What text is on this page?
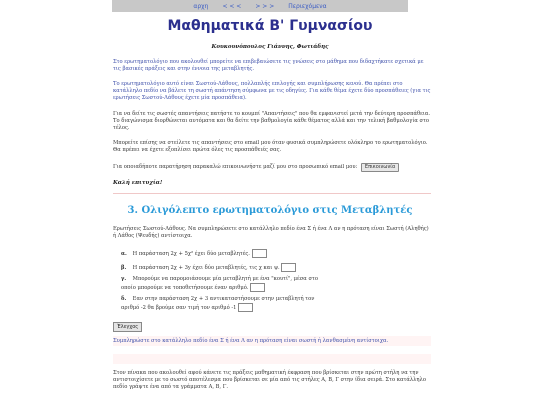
αρχη < < < > > > Περιεχόμενα
Μαθηματικά Β' Γυμνασίου
Κουκουνόπουλος Γιάννης, Φωτιάδης
Στο ερωτηματολόγιο που ακολουθεί μπορείτε να επιβεβαιώσετε τις γνώσεις στο μάθημα που διδαχτήκατε σχετικά με τις βασικές πράξεις και στην έννοια της μεταβλητής.
Το ερωτηματολόγιο αυτό είναι Σωστού-Λάθους, πολλαπλής επιλογής και συμπλήρωσης κενού. Θα πρέπει στο κατάλληλο πεδίο να βάλετε τη σωστή απάντηση σύμφωνα με τις οδηγίες. Για κάθε θέμα έχετε δύο προσπάθειες (για τις ερωτήσεις Σωστού-Λάθους έχετε μία προσπάθεια).
Για να δείτε τις σωστές απαντήσεις πατήστε το κουμπί "Απαντήσεις" που θα εμφανιστεί μετά την δεύτερη προσπάθεια. Το διαγώνισμα διορθώνεται αυτόματα και θα δείτε την βαθμολογία κάθε θέματος αλλά και την τελική βαθμολογία στο τέλος.
Μπορείτε επίσης να στείλετε τις απαντήσεις στο email μου όταν φυσικά συμπληρώσετε ολόκληρο το ερωτηματολόγιο. Θα πρέπει να έχετε εξοπλίσει πρώτα όλες τις προσπάθειές σας.
Για οποιαδήποτε παρατήρηση παρακαλώ επικοινωνήστε μαζί μου στο προσωπικό email μου: Επικοινωνία
Καλή επιτυχία!
3. Ολιγόλεπτο ερωτηματολόγιο στις Μεταβλητές
Ερωτήσεις Σωστού-Λάθους. Να συμπληρώσετε στο κατάλληλο πεδίο ένα Σ ή ένα Λ αν η πρόταση είναι Σωστή (Αληθής) ή Λάθος (Ψευδής) αντίστοιχα.
α. Η παράσταση 2χ + 5χ² έχει δύο μεταβλητές.
β. Η παράσταση 2χ + 3y έχει δύο μεταβλητές, τις χ και ψ.
γ. Μπορούμε να παρομοιάσουμε μία μεταβλητή με ένα "κουτί", μέσα στο οποίο μπορούμε να τοποθετήσουμε έναν αριθμό.
δ. Εαν στην παράσταση 2χ + 3 αντικαταστήσουμε στην μεταβλητή τον αριθμό -2 θα βρούμε σαν τιμή τον αριθμό -1
Έλεγχος
Συμπληρώστε στο κατάλληλο πεδίο ένα Σ ή ένα Λ αν η πρόταση είναι σωστή ή λανθασμένη αντίστοιχα.
Στον πίνακα που ακολουθεί αφού κάνετε τις πράξεις μαθηματική έκφραση που βρίσκεται στην πρώτη στήλη να την αντιστοιχίσετε με το σωστό αποτέλεσμα που βρίσκεται σε μία από τις στήλες Α, Β, Γ στην ίδια σειρά. Στο κατάλληλο πεδίο γράψτε ένα από τα γράμματα Α, Β, Γ.
